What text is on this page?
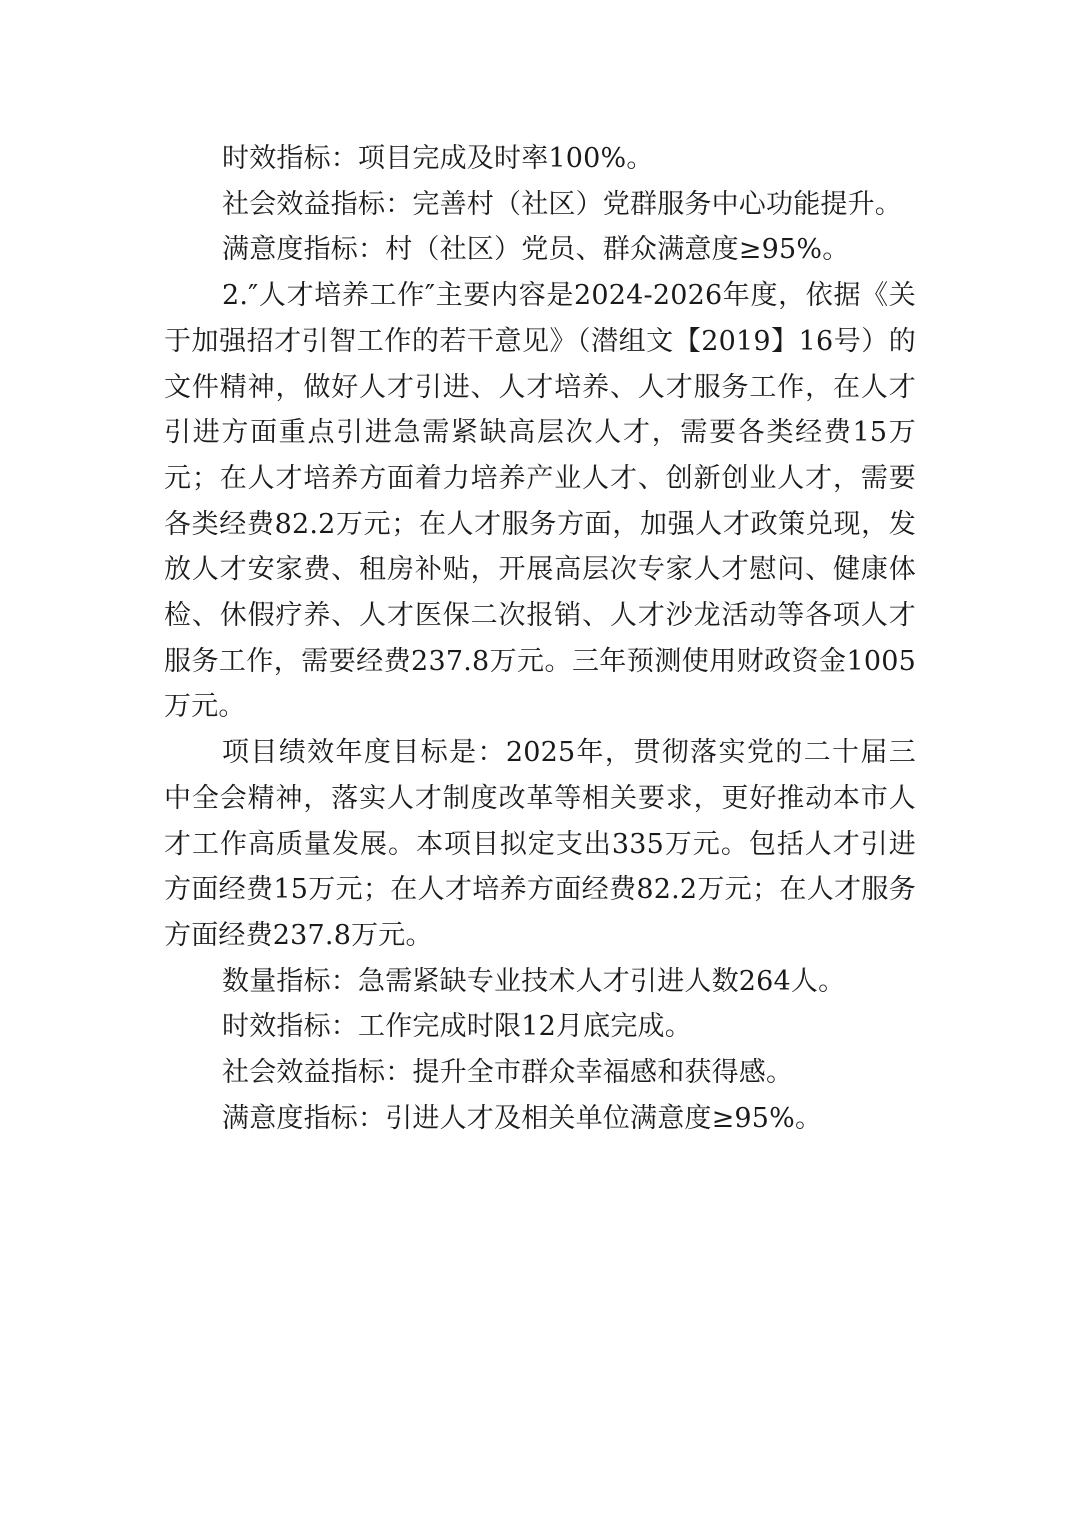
时效指标：项目完成及时率100%。

社会效益指标：完善村（社区）党群服务中心功能提升。

满意度指标：村（社区）党员、群众满意度≥95%。

2.″人才培养工作″主要内容是2024-2026年度，依据《关于加强招才引智工作的若干意见》（潜组文【2019】16号）的文件精神，做好人才引进、人才培养、人才服务工作，在人才引进方面重点引进急需紧缺高层次人才，需要各类经费15万元；在人才培养方面着力培养产业人才、创新创业人才，需要各类经费82.2万元；在人才服务方面，加强人才政策兑现，发放人才安家费、租房补贴，开展高层次专家人才慰问、健康体检、休假疗养、人才医保二次报销、人才沙龙活动等各项人才服务工作，需要经费237.8万元。三年预测使用财政资金1005万元。

项目绩效年度目标是：2025年，贯彻落实党的二十届三中全会精神，落实人才制度改革等相关要求，更好推动本市人才工作高质量发展。本项目拟定支出335万元。包括人才引进方面经费15万元；在人才培养方面经费82.2万元；在人才服务方面经费237.8万元。

数量指标：急需紧缺专业技术人才引进人数264人。

时效指标：工作完成时限12月底完成。

社会效益指标：提升全市群众幸福感和获得感。

满意度指标：引进人才及相关单位满意度≥95%。
